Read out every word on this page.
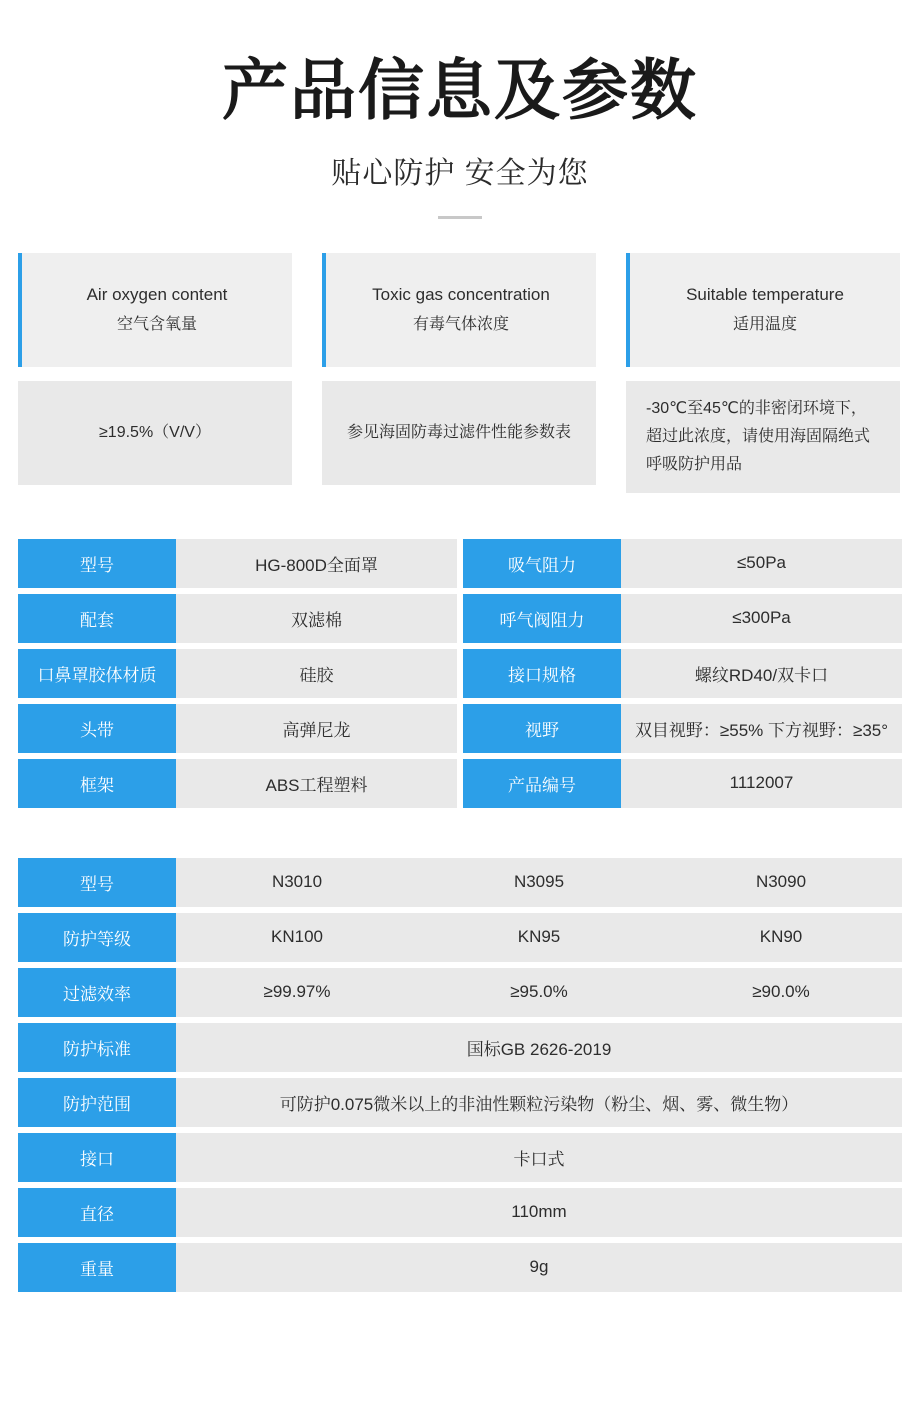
产品信息及参数
贴心防护 安全为您
Air oxygen content
空气含氧量
≥19.5%（V/V）
Toxic gas concentration
有毒气体浓度
参见海固防毒过滤件性能参数表
Suitable temperature
适用温度
-30℃至45℃的非密闭环境下，超过此浓度，请使用海固隔绝式呼吸防护用品
型号	HG-800D全面罩		吸气阻力	≤50Pa
配套	双滤棉		呼气阀阻力	≤300Pa
口鼻罩胶体材质	硅胶		接口规格	螺纹RD40/双卡口
头带	高弹尼龙		视野	双目视野：≥55% 下方视野：≥35°
框架	ABS工程塑料		产品编号	1112007
型号	N3010	N3095	N3090
防护等级	KN100	KN95	KN90
过滤效率	≥99.97%	≥95.0%	≥90.0%
防护标准	国标GB 2626-2019		
防护范围	可防护0.075微米以上的非油性颗粒污染物（粉尘、烟、雾、微生物）		
接口	卡口式		
直径	110mm		
重量	9g		
